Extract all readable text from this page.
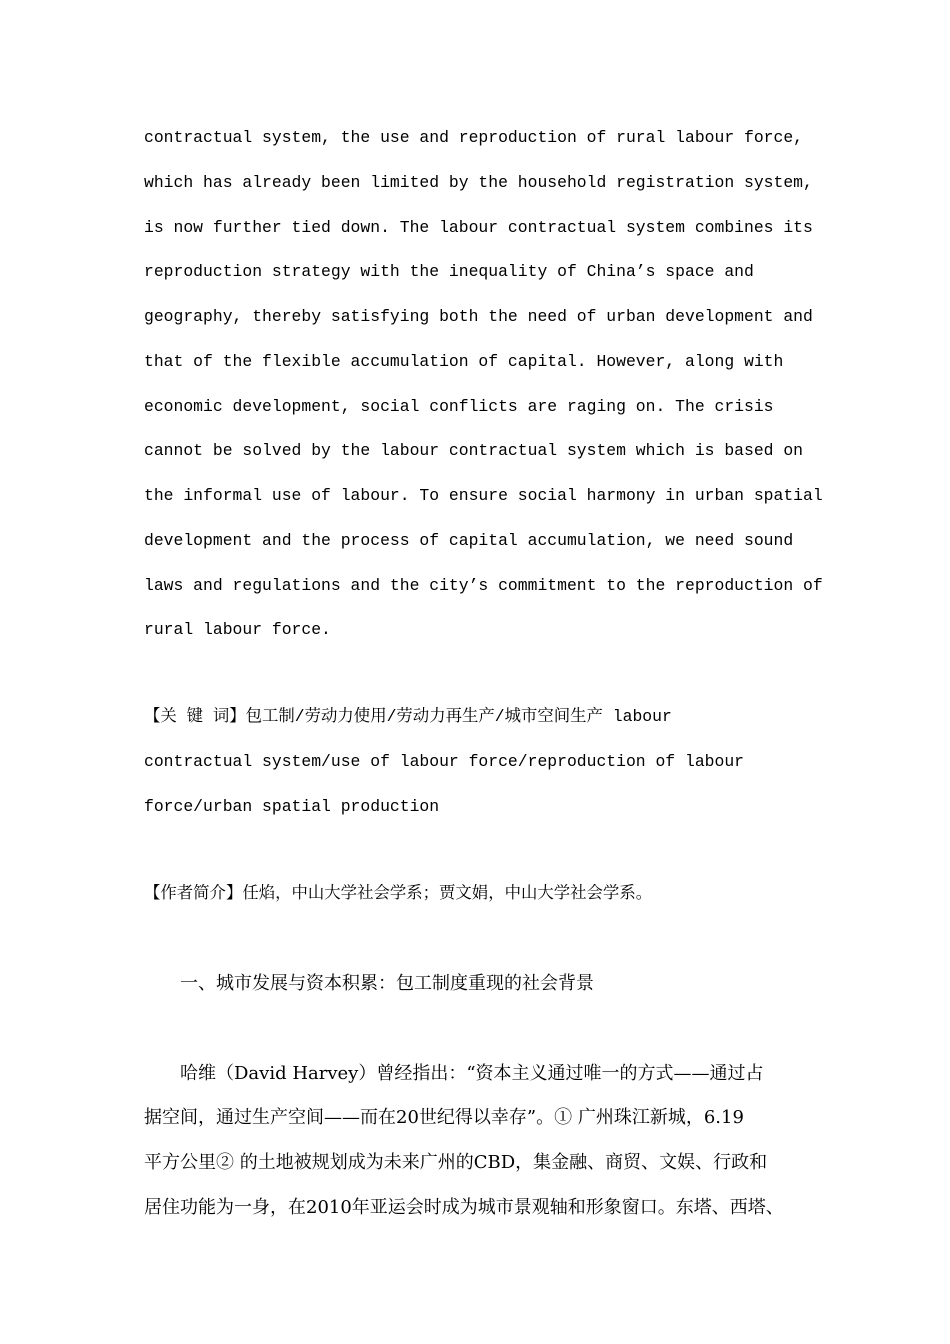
contractual system, the use and reproduction of rural labour force,
which has already been limited by the household registration system,
is now further tied down. The labour contractual system combines its
reproduction strategy with the inequality of China’s space and
geography, thereby satisfying both the need of urban development and
that of the flexible accumulation of capital. However, along with
economic development, social conflicts are raging on. The crisis
cannot be solved by the labour contractual system which is based on
the informal use of labour. To ensure social harmony in urban spatial
development and the process of capital accumulation, we need sound
laws and regulations and the city’s commitment to the reproduction of
rural labour force.
【关 键 词】包工制/劳动力使用/劳动力再生产/城市空间生产 labour
contractual system/use of labour force/reproduction of labour
force/urban spatial production
【作者简介】任焰，中山大学社会学系；贾文娟，中山大学社会学系。
一、城市发展与资本积累：包工制度重现的社会背景
哈维（David Harvey）曾经指出：“资本主义通过唯一的方式——通过占
据空间，通过生产空间——而在20世纪得以幸存”。① 广州珠江新城，6.19
平方公里② 的土地被规划成为未来广州的CBD，集金融、商贸、文娱、行政和
居住功能为一身，在2010年亚运会时成为城市景观轴和形象窗口。东塔、西塔、
